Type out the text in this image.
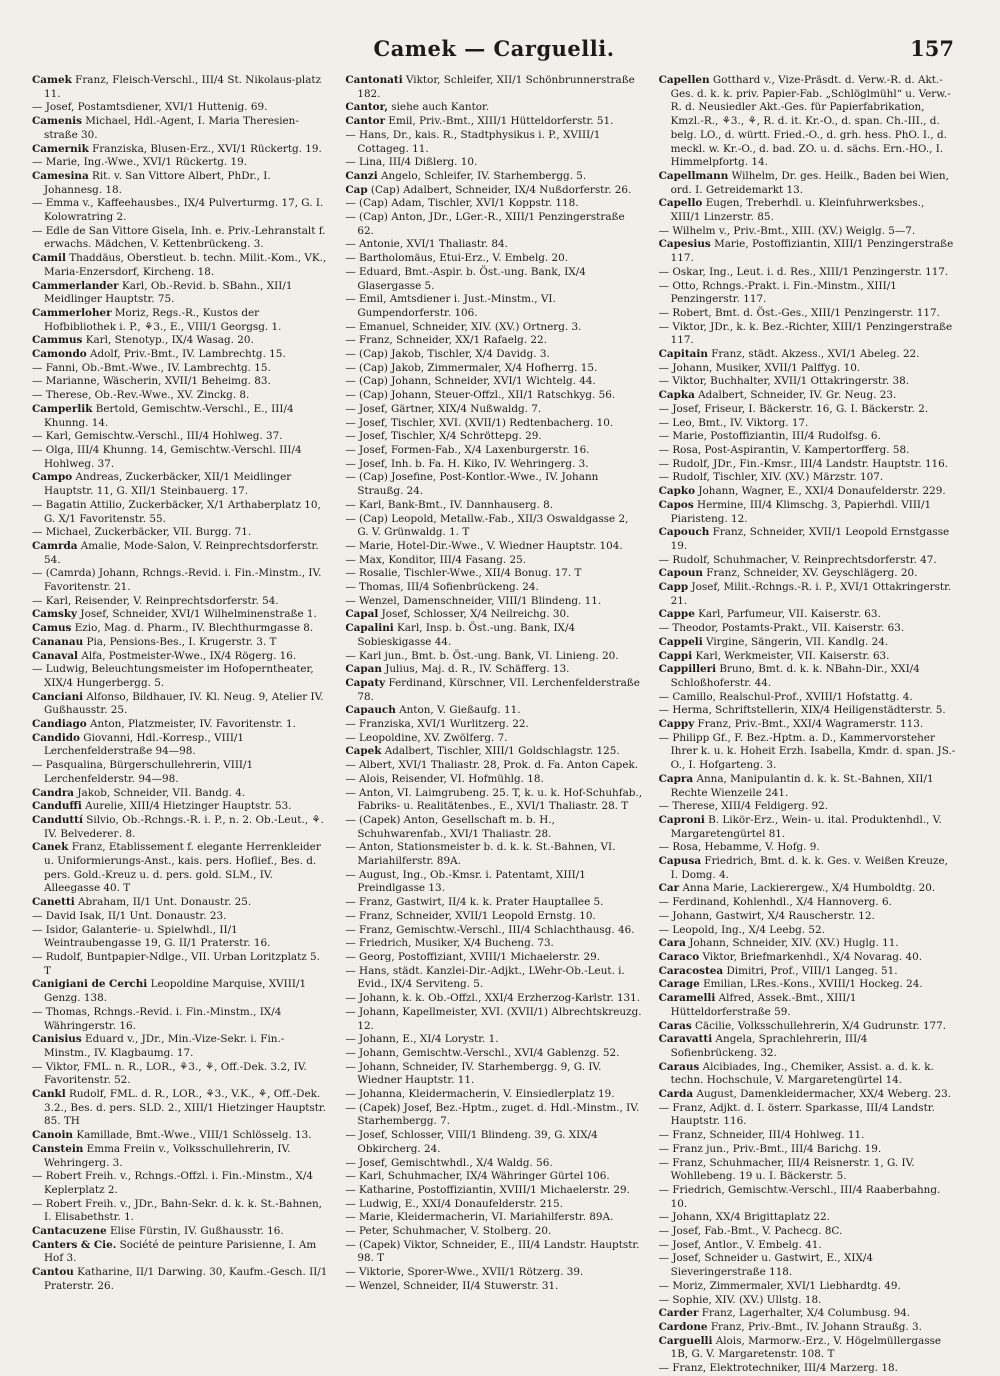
Camek — Carguelli.	157

Camek Franz, Fleisch-Verschl., III/4 St. Nikolaus-platz 11.

— Josef, Postamtsdiener, XVI/1 Huttenig. 69.

Camenis Michael, Hdl.-Agent, I. Maria Theresien-straße 30.

Camernik Franziska, Blusen-Erz., XVI/1 Rückertg. 19.

— Marie, Ing.-Wwe., XVI/1 Rückertg. 19.

Camesina Rit. v. San Vittore Albert, PhDr., I. Johannesg. 18.

— Emma v., Kaffeehausbes., IX/4 Pulverturmg. 17, G. I. Kolowratring 2.

— Edle de San Vittore Gisela, Inh. e. Priv.-Lehranstalt f. erwachs. Mädchen, V. Kettenbrückeng. 3.

Camil Thaddäus, Oberstleut. b. techn. Milit.-Kom., VK., Maria-Enzersdorf, Kircheng. 18.

Cammerlander Karl, Ob.-Revid. b. SBahn., XII/1 Meidlinger Hauptstr. 75.

Cammerloher Moriz, Regs.-R., Kustos der Hofbibliothek i. P., ⚘3., E., VIII/1 Georgsg. 1.

Cammus Karl, Stenotyp., IX/4 Wasag. 20.

Camondo Adolf, Priv.-Bmt., IV. Lambrechtg. 15.

— Fanni, Ob.-Bmt.-Wwe., IV. Lambrechtg. 15.

— Marianne, Wäscherin, XVII/1 Beheimg. 83.

— Therese, Ob.-Rev.-Wwe., XV. Zinckg. 8.

Camperlik Bertold, Gemischtw.-Verschl., E., III/4 Khunng. 14.

— Karl, Gemischtw.-Verschl., III/4 Hohlweg. 37.

— Olga, III/4 Khunng. 14, Gemischtw.-Verschl. III/4 Hohlweg. 37.

Campo Andreas, Zuckerbäcker, XII/1 Meidlinger Hauptstr. 11, G. XII/1 Steinbauerg. 17.

— Bagatin Attilio, Zuckerbäcker, X/1 Arthaberplatz 10, G. X/1 Favoritenstr. 55.

— Michael, Zuckerbäcker, VII. Burgg. 71.

Camrda Amalie, Mode-Salon, V. Reinprechtsdorferstr. 54.

— (Camrda) Johann, Rchngs.-Revid. i. Fin.-Minstm., IV. Favoritenstr. 21.

— Karl, Reisender, V. Reinprechtsdorferstr. 54.

Camsky Josef, Schneider, XVI/1 Wilhelminenstraße 1.

Camus Ezio, Mag. d. Pharm., IV. Blechthurmgasse 8.

Cananau Pia, Pensions-Bes., I. Krugerstr. 3. T

Canaval Alfa, Postmeister-Wwe., IX/4 Rögerg. 16.

— Ludwig, Beleuchtungsmeister im Hofoperntheater, XIX/4 Hungerbergg. 5.

Canciani Alfonso, Bildhauer, IV. Kl. Neug. 9, Atelier IV. Gußhausstr. 25.

Candiago Anton, Platzmeister, IV. Favoritenstr. 1.

Candido Giovanni, Hdl.-Korresp., VIII/1 Lerchenfelderstraße 94—98.

— Pasqualina, Bürgerschullehrerin, VIII/1 Lerchenfelderstr. 94—98.

Candra Jakob, Schneider, VII. Bandg. 4.

Canduffi Aurelie, XIII/4 Hietzinger Hauptstr. 53.

Canduttí Silvio, Ob.-Rchngs.-R. i. P., n. 2. Ob.-Leut., ⚘. IV. Belvederег. 8.

Canek Franz, Etablissement f. elegante Herrenkleider u. Uniformierungs-Anst., kais. pers. Hoflief., Bes. d. pers. Gold.-Kreuz u. d. pers. gold. SLM., IV. Alleegasse 40. T

Canetti Abraham, II/1 Unt. Donaustr. 25.

— David Isak, II/1 Unt. Donaustr. 23.

— Isidor, Galanterie- u. Spielwhdl., II/1 Weintraubengasse 19, G. II/1 Praterstr. 16.

— Rudolf, Buntpapier-Ndlge., VII. Urban Loritzplatz 5. T

Canigiani de Cerchi Leopoldine Marquise, XVIII/1 Genzg. 138.

— Thomas, Rchngs.-Revid. i. Fin.-Minstm., IX/4 Währingerstr. 16.

Canisius Eduard v., JDr., Min.-Vize-Sekr. i. Fin.-Minstm., IV. Klagbaumg. 17.

— Viktor, FML. n. R., LOR., ⚘3., ⚘, Off.-Dek. 3.2, IV. Favoritenstr. 52.

Cankl Rudolf, FML. d. R., LOR., ⚘3., V.K., ⚘, Off.-Dek. 3.2., Bes. d. pers. SLD. 2., XIII/1 Hietzinger Hauptstr. 85. TH

Canoin Kamillade, Bmt.-Wwe., VIII/1 Schlösselg. 13.

Canstein Emma Freiin v., Volksschullehrerin, IV. Wehringerg. 3.

— Robert Freih. v., Rchngs.-Offzl. i. Fin.-Minstm., X/4 Keplerplatz 2.

— Robert Freih. v., JDr., Bahn-Sekr. d. k. k. St.-Bahnen, I. Elisabethstr. 1.

Cantacuzene Elise Fürstin, IV. Gußhausstr. 16.

Canters & Cie. Société de peinture Parisienne, I. Am Hof 3.

Cantou Katharine, II/1 Darwing. 30, Kaufm.-Gesch. II/1 Praterstr. 26.

Cantonati Viktor, Schleifer, XII/1 Schönbrunnerstraße 182.

Cantor, siehe auch Kantor.

Cantor Emil, Priv.-Bmt., XIII/1 Hütteldorferstr. 51.

— Hans, Dr., kais. R., Stadtphysikus i. P., XVIII/1 Cottageg. 11.

— Lina, III/4 Dißlerg. 10.

Canzi Angelo, Schleifer, IV. Starhembergg. 5.

Cap (Cap) Adalbert, Schneider, IX/4 Nußdorferstr. 26.

— (Cap) Adam, Tischler, XVI/1 Koppstr. 118.

— (Cap) Anton, JDr., LGer.-R., XIII/1 Penzingerstraße 62.

— Antonie, XVI/1 Thaliastr. 84.

— Bartholomäus, Etui-Erz., V. Embelg. 20.

— Eduard, Bmt.-Aspir. b. Öst.-ung. Bank, IX/4 Glasergasse 5.

— Emil, Amtsdiener i. Just.-Minstm., VI. Gumpendorferstr. 106.

— Emanuel, Schneider, XIV. (XV.) Ortnerg. 3.

— Franz, Schneider, XX/1 Rafaelg. 22.

— (Cap) Jakob, Tischler, X/4 Davidg. 3.

— (Cap) Jakob, Zimmermaler, X/4 Hofherrg. 15.

— (Cap) Johann, Schneider, XVI/1 Wichtelg. 44.

— (Cap) Johann, Steuer-Offzl., XII/1 Ratschkyg. 56.

— Josef, Gärtner, XIX/4 Nußwaldg. 7.

— Josef, Tischler, XVI. (XVII/1) Redtenbacherg. 10.

— Josef, Tischler, X/4 Schröttерg. 29.

— Josef, Formen-Fab., X/4 Laxenburgerstr. 16.

— Josef, Inh. b. Fa. H. Kiko, IV. Wehringerg. 3.

— (Cap) Josefine, Post-Kontlor.-Wwe., IV. Johann Straußg. 24.

— Karl, Bank-Bmt., IV. Dannhauserg. 8.

— (Cap) Leopold, Metallw.-Fab., XII/3 Oswaldgasse 2, G. V. Grünwaldg. 1. T

— Marie, Hotel-Dir.-Wwe., V. Wiedner Hauptstr. 104.

— Max, Konditor, III/4 Fasang. 25.

— Rosalie, Tischler-Wwe., XII/4 Bonug. 17. T

— Thomas, III/4 Sofienbrückeng. 24.

— Wenzel, Damenschneider, VIII/1 Blindeng. 11.

Capal Josef, Schlosser, X/4 Neilreichg. 30.

Capalini Karl, Insp. b. Öst.-ung. Bank, IX/4 Sobieskigasse 44.

— Karl jun., Bmt. b. Öst.-ung. Bank, VI. Linieng. 20.

Capan Julius, Maj. d. R., IV. Schäfferg. 13.

Capaty Ferdinand, Kürschner, VII. Lerchenfelderstraße 78.

Capauch Anton, V. Gießaufg. 11.

— Franziska, XVI/1 Wurlitzerg. 22.

— Leopoldine, XV. Zwölferg. 7.

Capek Adalbert, Tischler, XIII/1 Goldschlagstr. 125.

— Albert, XVI/1 Thaliastr. 28, Prok. d. Fa. Anton Capek.

— Alois, Reisender, VI. Hofmühlg. 18.

— Anton, VI. Laimgrubeng. 25. T, k. u. k. Hof-Schuhfab., Fabriks- u. Realitätenbes., E., XVI/1 Thaliastr. 28. T

— (Capek) Anton, Gesellschaft m. b. H., Schuhwarenfab., XVI/1 Thaliastr. 28.

— Anton, Stationsmeister b. d. k. k. St.-Bahnen, VI. Mariahilferstr. 89A.

— August, Ing., Ob.-Kmsr. i. Patentamt, XIII/1 Preindlgasse 13.

— Franz, Gastwirt, II/4 k. k. Prater Hauptallee 5.

— Franz, Schneider, XVII/1 Leopold Ernstg. 10.

— Franz, Gemischtw.-Verschl., III/4 Schlachthausg. 46.

— Friedrich, Musiker, X/4 Bucheng. 73.

— Georg, Postoffizіant, XVIII/1 Michaelerstr. 29.

— Hans, städt. Kanzlei-Dir.-Adjkt., LWehr-Ob.-Leut. i. Evid., IX/4 Servitеng. 5.

— Johann, k. k. Ob.-Offzl., XXI/4 Erzherzog-Karlstr. 131.

— Johann, Kapellmeister, XVI. (XVII/1) Albrechtskreuzg. 12.

— Johann, E., XI/4 Lorystr. 1.

— Johann, Gemischtw.-Verschl., XVI/4 Gablenzg. 52.

— Johann, Schneider, IV. Starhembergg. 9, G. IV. Wiedner Hauptstr. 11.

— Johanna, Kleidermacherin, V. Einsiedlerplatz 19.

— (Capek) Josef, Bez.-Hptm., zuget. d. Hdl.-Minstm., IV. Starhembergg. 7.

— Josef, Schlosser, VIII/1 Blindeng. 39, G. XIX/4 Obkircherg. 24.

— Josef, Gemischtwhdl., X/4 Waldg. 56.

— Karl, Schuhmacher, IX/4 Währinger Gürtel 106.

— Katharine, Postoffizіantin, XVIII/1 Michaelerstr. 29.

— Ludwig, E., XXI/4 Donaufelderstr. 215.

— Marie, Kleidermacherin, VI. Mariahilferstr. 89A.

— Peter, Schuhmacher, V. Stolberg. 20.

— (Capek) Viktor, Schneider, E., III/4 Landstr. Hauptstr. 98. T

— Viktorie, Sporer-Wwe., XVII/1 Rötzerg. 39.

— Wenzel, Schneider, II/4 Stuwerstr. 31.

Capellen Gotthard v., Vize-Präsdt. d. Verw.-R. d. Akt.-Ges. d. k. k. priv. Papier-Fab. „Schlöglmühl“ u. Verw.-R. d. Neusiedler Akt.-Ges. für Papierfabrikation, Kmzl.-R., ⚘3., ⚘, R. d. it. Kr.-O., d. span. Ch.-III., d. belg. LO., d. württ. Fried.-O., d. grh. hess. PhO. I., d. meckl. w. Kr.-O., d. bad. ZO. u. d. sächs. Ern.-HO., I. Himmelpfortg. 14.

Capellmann Wilhelm, Dr. ges. Heilk., Baden bei Wien, ord. I. Getreidemarkt 13.

Capello Eugen, Treberhdl. u. Kleinfuhrwerksbes., XIII/1 Linzerstr. 85.

— Wilhelm v., Priv.-Bmt., XIII. (XV.) Weiglg. 5—7.

Capesius Marie, Postoffizіantin, XIII/1 Penzingerstraße 117.

— Oskar, Ing., Leut. i. d. Res., XIII/1 Penzingerstr. 117.

— Otto, Rchngs.-Prakt. i. Fin.-Minstm., XIII/1 Penzingerstr. 117.

— Robert, Bmt. d. Öst.-Ges., XIII/1 Penzingerstr. 117.

— Viktor, JDr., k. k. Bez.-Richter, XIII/1 Penzingerstraße 117.

Capitain Franz, städt. Akzess., XVI/1 Abelеg. 22.

— Johann, Musiker, XVII/1 Palffyg. 10.

— Viktor, Buchhalter, XVII/1 Ottakringerstr. 38.

Capka Adalbert, Schneider, IV. Gr. Neug. 23.

— Josef, Friseur, I. Bäckerstr. 16, G. I. Bäckerstr. 2.

— Leo, Bmt., IV. Viktorg. 17.

— Marie, Postoffizіantin, III/4 Rudolfsg. 6.

— Rosa, Post-Aspirantin, V. Kampertorfferg. 58.

— Rudolf, JDr., Fin.-Kmsr., III/4 Landstr. Hauptstr. 116.

— Rudolf, Tischler, XIV. (XV.) Märzstr. 107.

Capko Johann, Wagner, E., XXI/4 Donaufelderstr. 229.

Capos Hermine, III/4 Klimschg. 3, Papierhdl. VIII/1 Piaristeng. 12.

Capouch Franz, Schneider, XVII/1 Leopold Ernstgasse 19.

— Rudolf, Schuhmacher, V. Reinprechtsdorferstr. 47.

Capoun Franz, Schneider, XV. Geyschlägerg. 20.

Capp Josef, Milit.-Rchngs.-R. i. P., XVI/1 Ottakringerstr. 21.

Cappe Karl, Parfumeur, VII. Kaiserstr. 63.

— Theodor, Postamts-Prakt., VII. Kaiserstr. 63.

Cappeli Virgine, Sängerin, VII. Kandlg. 24.

Cappi Karl, Werkmeister, VII. Kaiserstr. 63.

Cappilleri Bruno, Bmt. d. k. k. NBahn-Dir., XXI/4 Schloßhoferstr. 44.

— Camillo, Realschul-Prof., XVIII/1 Hofstattg. 4.

— Herma, Schriftstellerin, XIX/4 Heiligenstädterstr. 5.

Cappy Franz, Priv.-Bmt., XXI/4 Wagramerstr. 113.

— Philipp Gf., F. Bez.-Hptm. a. D., Kammervorsteher Ihrer k. u. k. Hoheit Erzh. Isabella, Kmdr. d. span. JS.-O., I. Hofgarteng. 3.

Capra Anna, Manipulantin d. k. k. St.-Bahnen, XII/1 Rechte Wienzeile 241.

— Therese, XIII/4 Feldigerg. 92.

Caproni B. Likör-Erz., Wein- u. ital. Produktenhdl., V. Margaretengürtel 81.

— Rosa, Hebamme, V. Hofg. 9.

Capusa Friedrich, Bmt. d. k. k. Ges. v. Weißen Kreuze, I. Domg. 4.

Car Anna Marie, Lackierergew., X/4 Humboldtg. 20.

— Ferdinand, Kohlenhdl., X/4 Hannoverg. 6.

— Johann, Gastwirt, X/4 Rauscherstr. 12.

— Leopold, Ing., X/4 Leebg. 52.

Cara Johann, Schneider, XIV. (XV.) Huglg. 11.

Caraco Viktor, Briefmarkenhdl., X/4 Novarag. 40.

Caracostea Dimitri, Prof., VIII/1 Langeg. 51.

Carage Emilian, LRes.-Kons., XVIII/1 Hockeg. 24.

Caramelli Alfred, Assek.-Bmt., XIII/1 Hütteldorferstraße 59.

Caras Cäcilie, Volksschullehrerin, X/4 Gudrunstr. 177.

Caravatti Angela, Sprachlehrerin, III/4 Sofienbrückeng. 32.

Caraus Alcibiades, Ing., Chemiker, Assist. a. d. k. k. techn. Hochschule, V. Margaretengürtel 14.

Carda August, Damenkleidermacher, XX/4 Weberg. 23.

— Franz, Adjkt. d. I. österr. Sparkasse, III/4 Landstr. Hauptstr. 116.

— Franz, Schneider, III/4 Hohlweg. 11.

— Franz jun., Priv.-Bmt., III/4 Barichg. 19.

— Franz, Schuhmacher, III/4 Reisnerstr. 1, G. IV. Wohllebeng. 19 u. I. Bäckerstr. 5.

— Friedrich, Gemischtw.-Verschl., III/4 Raaberbahng. 10.

— Johann, XX/4 Brigittaplatz 22.

— Josef, Fab.-Bmt., V. Pachecg. 8C.

— Josef, Antlor., V. Embelg. 41.

— Josef, Schneider u. Gastwirt, E., XIX/4 Sieveringerstraße 118.

— Moriz, Zimmermaler, XVI/1 Liebhardtg. 49.

— Sophie, XIV. (XV.) Ullstg. 18.

Carder Franz, Lagerhalter, X/4 Columbusg. 94.

Cardone Franz, Priv.-Bmt., IV. Johann Straußg. 3.

Carguelli Alois, Marmorw.-Erz., V. Högelmüllergasse 1B, G. V. Margaretenstr. 108. T

— Franz, Elektrotechniker, III/4 Marzerg. 18.
